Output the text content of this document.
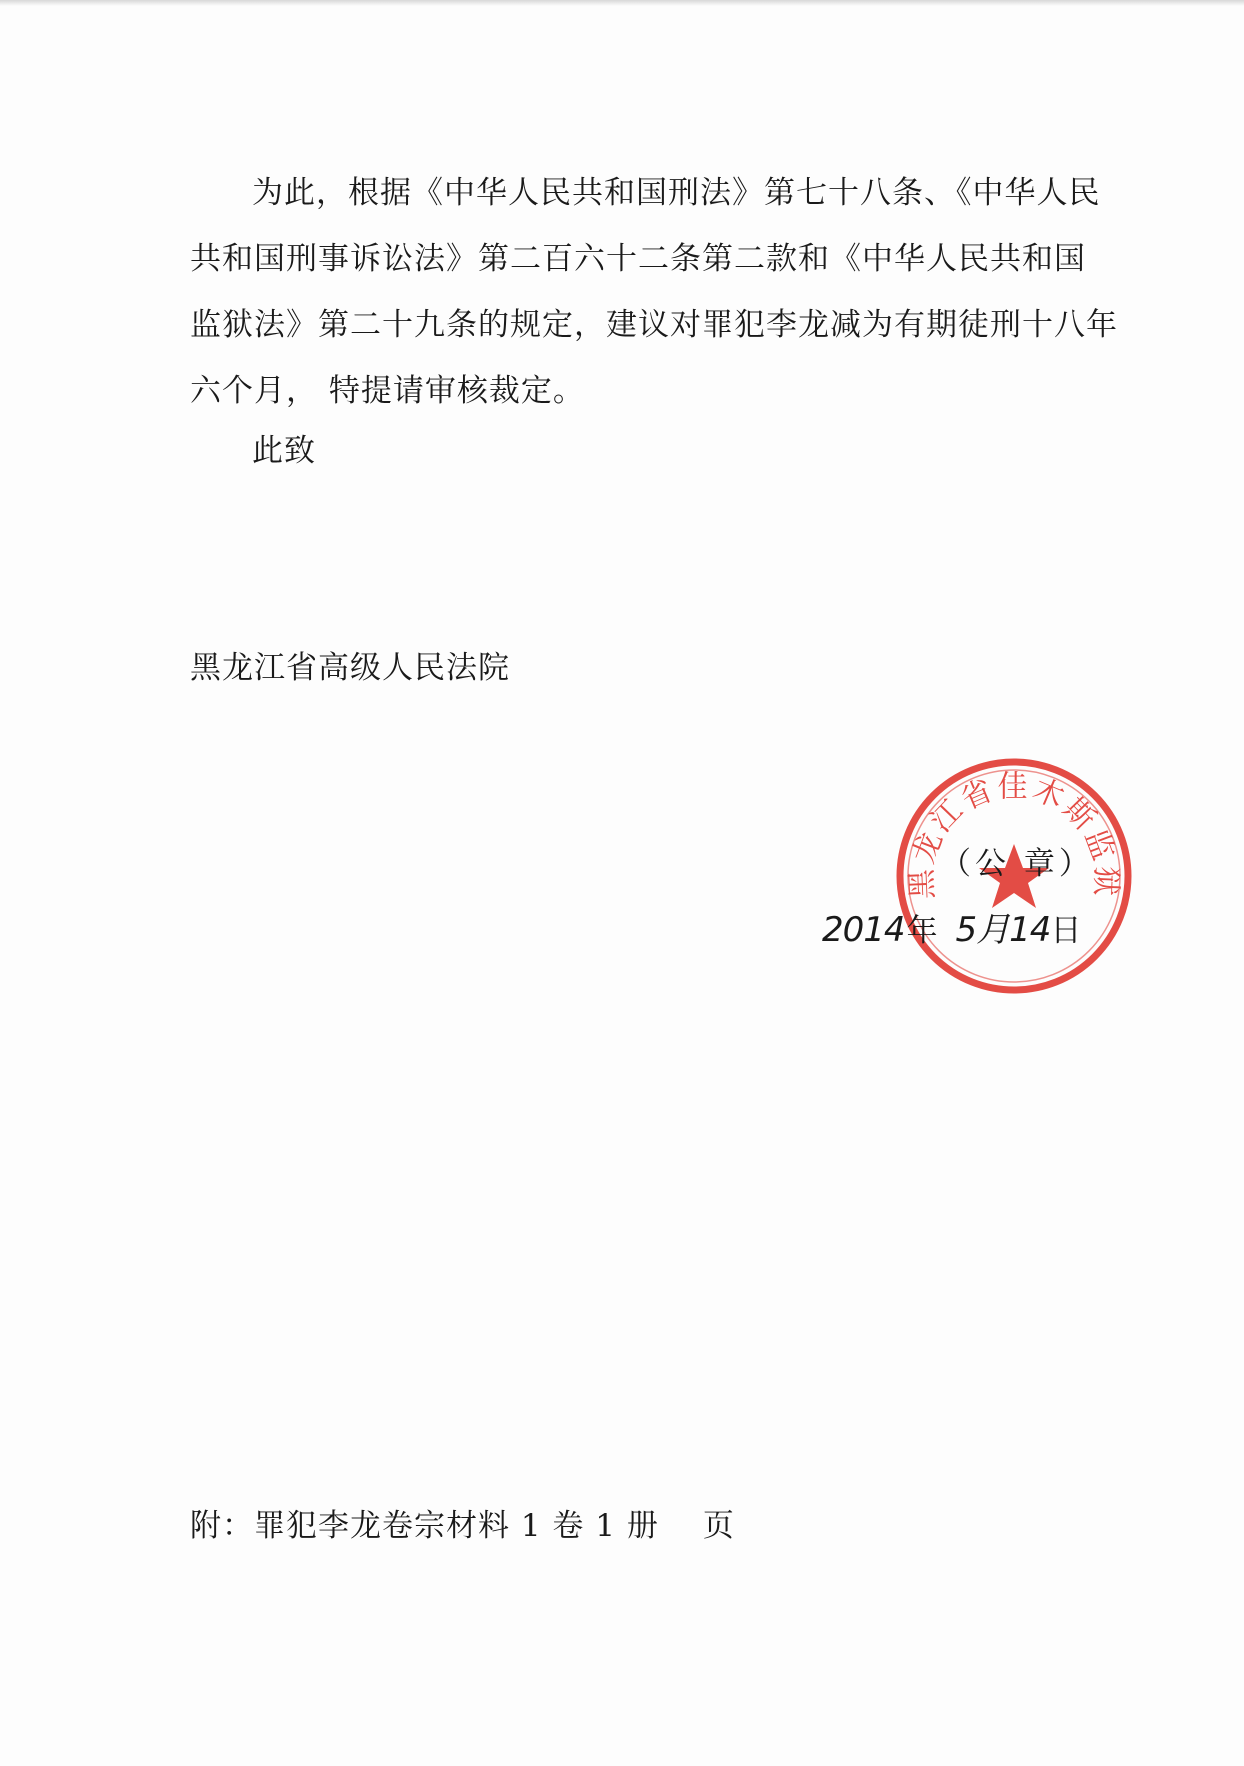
为此，根据《中华人民共和国刑法》第七十八条、《中华人民
共和国刑事诉讼法》第二百六十二条第二款和《中华人民共和国
监狱法》第二十九条的规定，建议对罪犯李龙减为有期徒刑十八年
六个月， 特提请审核裁定。
此致
黑龙江省高级人民法院
黑龙江省佳木斯监狱
（公 章）
2014年 5月14日
附：罪犯李龙卷宗材料 1 卷 1 册 页
